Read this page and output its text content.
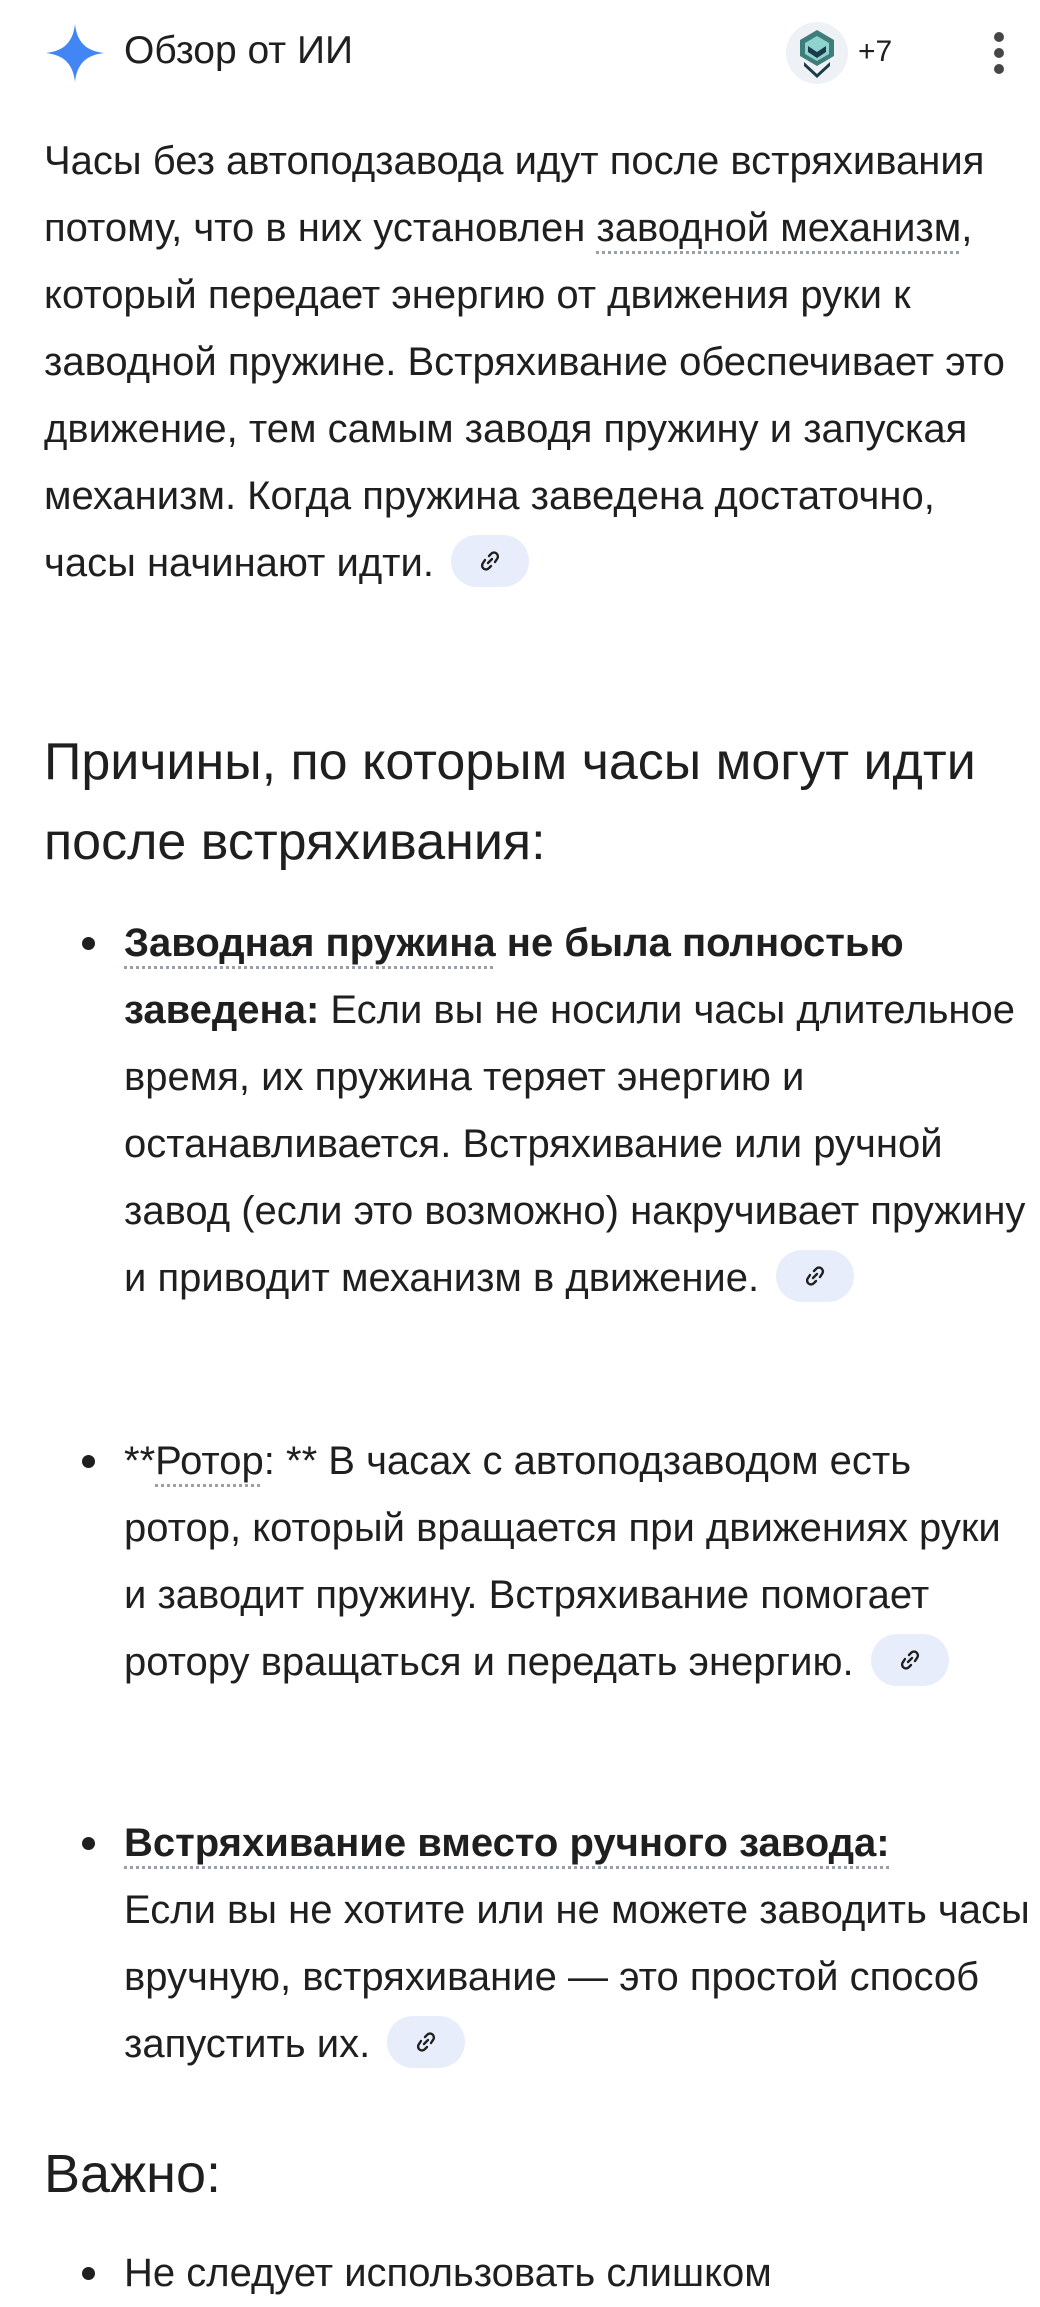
Обзор от ИИ	+7

Часы без автоподзавода идут после встряхивания потому, что в них установлен заводной механизм, который передает энергию от движения руки к заводной пружине. Встряхивание обеспечивает это движение, тем самым заводя пружину и запуская механизм. Когда пружина заведена достаточно, часы начинают идти.

Причины, по которым часы могут идти после встряхивания:
Заводная пружина не была полностью заведена: Если вы не носили часы длительное время, их пружина теряет энергию и останавливается. Встряхивание или ручной завод (если это возможно) накручивает пружину и приводит механизм в движение.
**Ротор: ** В часах с автоподзаводом есть ротор, который вращается при движениях руки и заводит пружину. Встряхивание помогает ротору вращаться и передать энергию.
Встряхивание вместо ручного завода:
Если вы не хотите или не можете заводить часы вручную, встряхивание — это простой способ запустить их.
Важно:
Не следует использовать слишком
